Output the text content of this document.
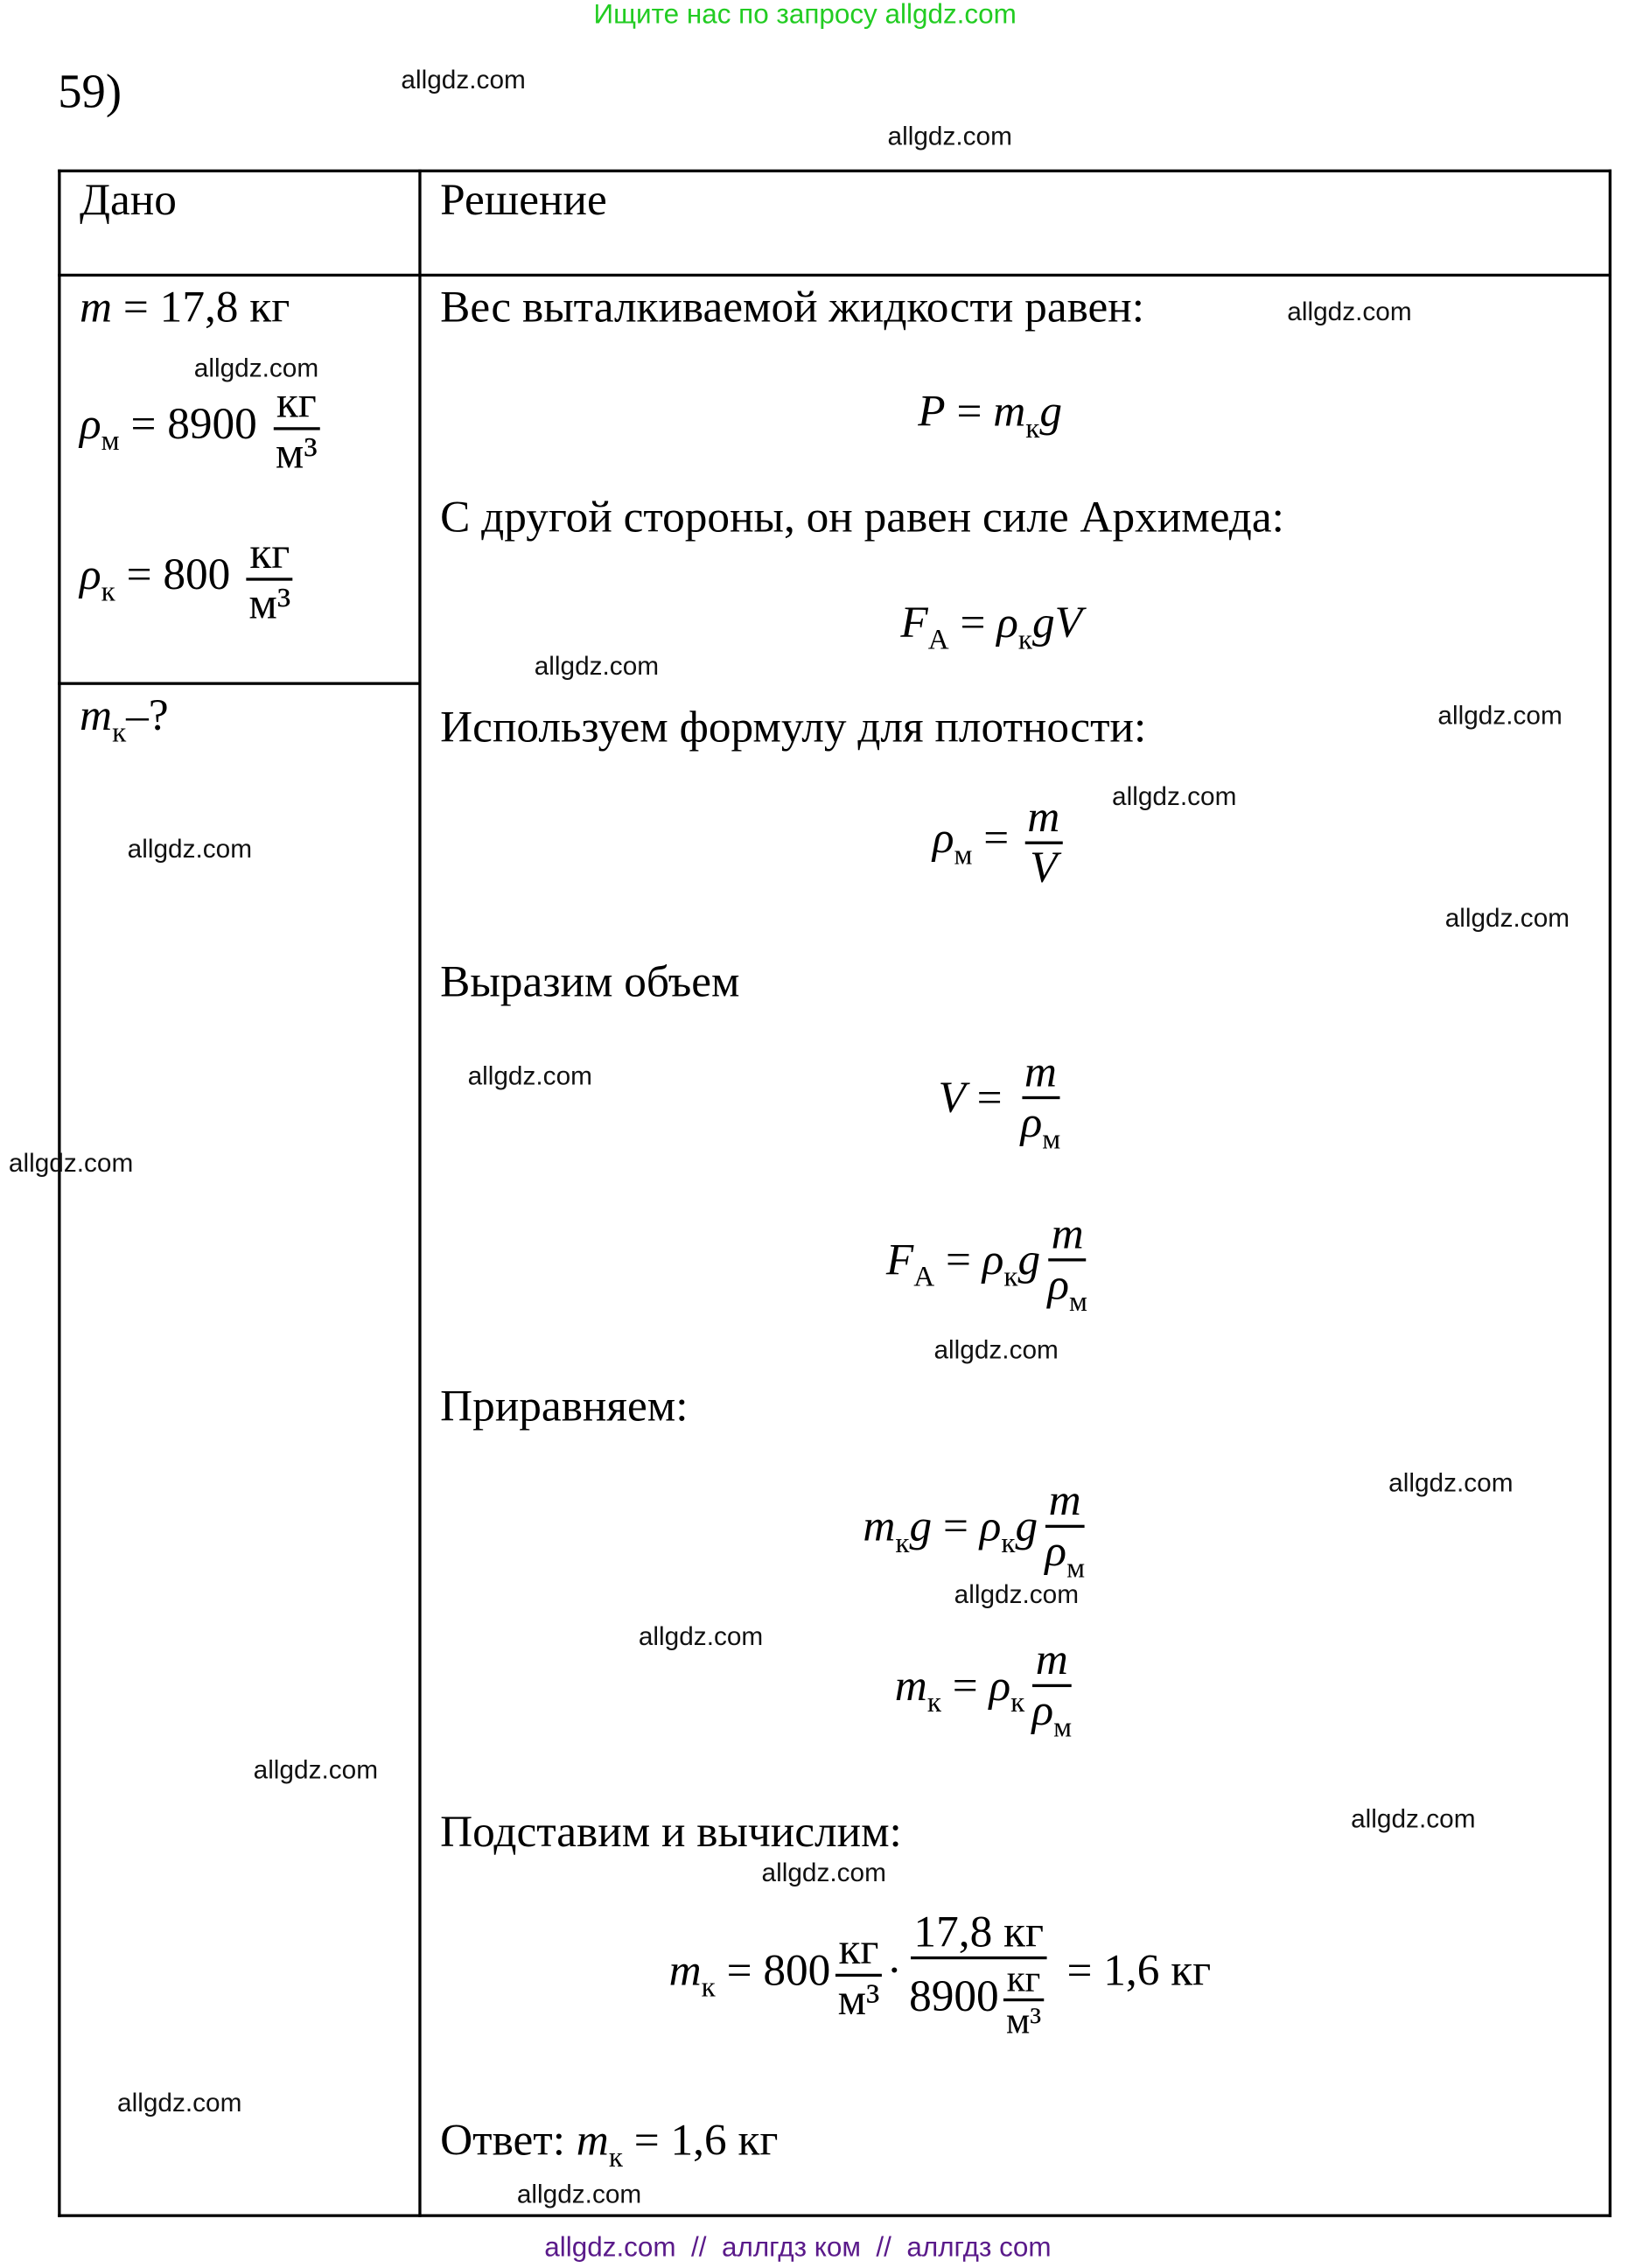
Ищите нас по запросу allgdz.com
59)
Дано	Решение
m = 17,8 кг
$\rho_м = 8900 \frac{кг}{\text{м³}}$
$\rho_к = 800 \frac{кг}{\text{м³}}$
$m_к-$?
Вес выталкиваемой жидкости равен:
$P = m_кg$
С другой стороны, он равен силе Архимеда:
$F_A = \rho_кgV$
Используем формулу для плотности:
$\rho_м = \frac{m}{V}$
Выразим объем
$V = \frac{m}{\rho_м}$
$F_A = \rho_кg \frac{m}{\rho_м}$
Приравняем:
$m_кg = \rho_кg \frac{m}{\rho_м}$
$m_к = \rho_к \frac{m}{\rho_м}$
Подставим и вычислим:
$m_к = 800 \frac{кг}{\text{м³}} \cdot \frac{17,8 кг}{8900 \frac{кг}{\text{м³}}} = 1,6$ кг
Ответ: $m_к = 1,6$ кг
allgdz.com
allgdz.com
allgdz.com
allgdz.com
allgdz.com
allgdz.com
allgdz.com
allgdz.com
allgdz.com
allgdz.com
allgdz.com
allgdz.com
allgdz.com
allgdz.com
allgdz.com
allgdz.com
allgdz.com
allgdz.com
allgdz.com
allgdz.com
allgdz.com  //  аллгдз ком  //  аллгдз com
